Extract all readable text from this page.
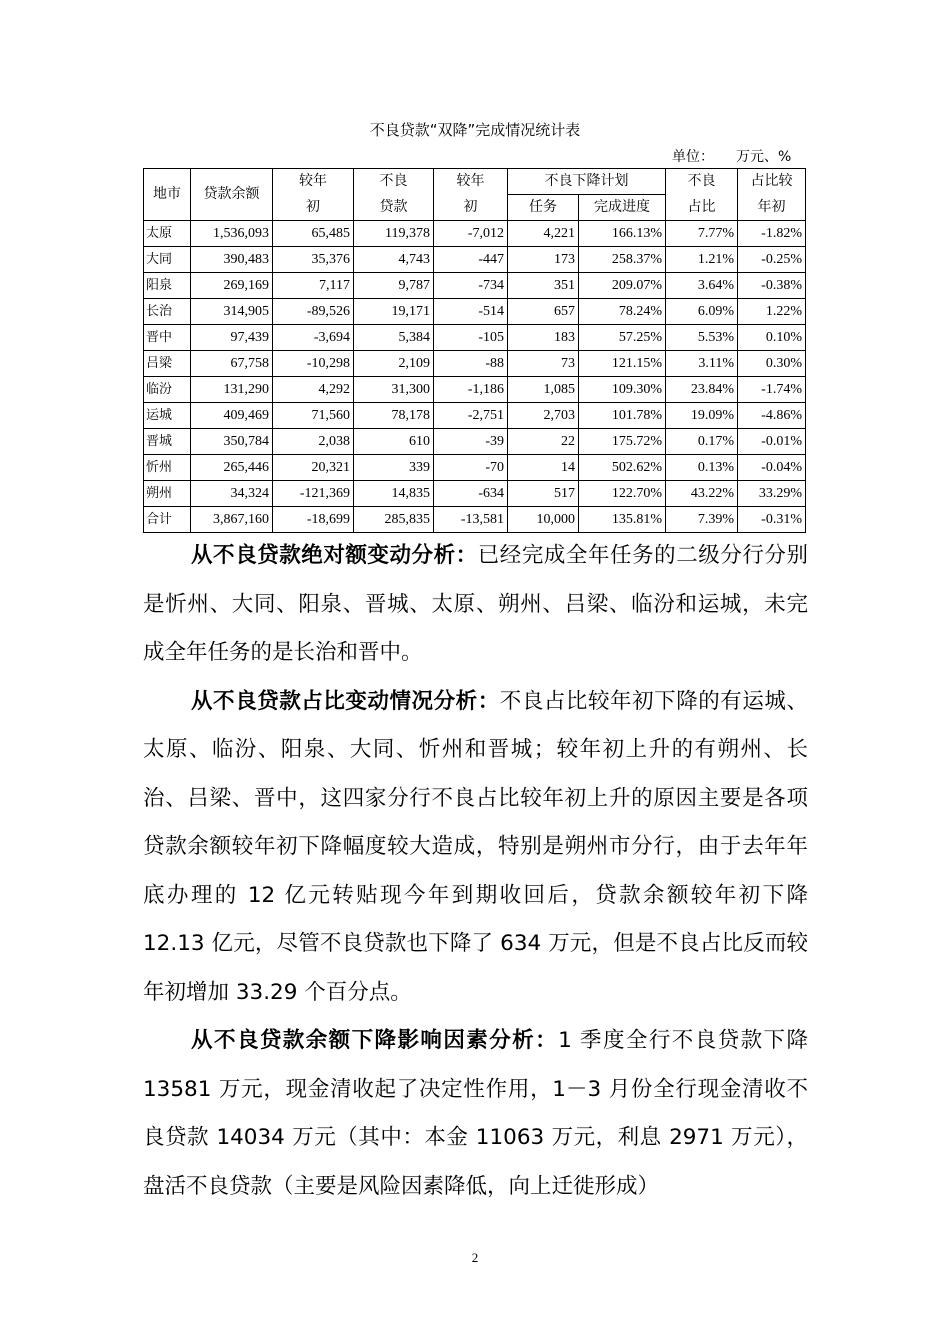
不良贷款“双降”完成情况统计表
单位： 万元、%
地市	贷款余额	较年	不良	较年	不良下降计划		不良	占比较
		初	贷款	初	任务	完成进度	占比	年初
太原	1,536,093	65,485	119,378	-7,012	4,221	166.13%	7.77%	-1.82%
大同	390,483	35,376	4,743	-447	173	258.37%	1.21%	-0.25%
阳泉	269,169	7,117	9,787	-734	351	209.07%	3.64%	-0.38%
长治	314,905	-89,526	19,171	-514	657	78.24%	6.09%	1.22%
晋中	97,439	-3,694	5,384	-105	183	57.25%	5.53%	0.10%
吕梁	67,758	-10,298	2,109	-88	73	121.15%	3.11%	0.30%
临汾	131,290	4,292	31,300	-1,186	1,085	109.30%	23.84%	-1.74%
运城	409,469	71,560	78,178	-2,751	2,703	101.78%	19.09%	-4.86%
晋城	350,784	2,038	610	-39	22	175.72%	0.17%	-0.01%
忻州	265,446	20,321	339	-70	14	502.62%	0.13%	-0.04%
朔州	34,324	-121,369	14,835	-634	517	122.70%	43.22%	33.29%
合计	3,867,160	-18,699	285,835	-13,581	10,000	135.81%	7.39%	-0.31%

从不良贷款绝对额变动分析：已经完成全年任务的二级分行分别是忻州、大同、阳泉、晋城、太原、朔州、吕梁、临汾和运城，未完成全年任务的是长治和晋中。

从不良贷款占比变动情况分析：不良占比较年初下降的有运城、太原、临汾、阳泉、大同、忻州和晋城；较年初上升的有朔州、长治、吕梁、晋中，这四家分行不良占比较年初上升的原因主要是各项贷款余额较年初下降幅度较大造成，特别是朔州市分行，由于去年年底办理的 12 亿元转贴现今年到期收回后，贷款余额较年初下降 12.13 亿元，尽管不良贷款也下降了 634 万元，但是不良占比反而较年初增加 33.29 个百分点。

从不良贷款余额下降影响因素分析：1 季度全行不良贷款下降 13581 万元，现金清收起了决定性作用，1－3 月份全行现金清收不良贷款 14034 万元（其中：本金 11063 万元，利息 2971 万元），盘活不良贷款（主要是风险因素降低，向上迁徙形成）

2
